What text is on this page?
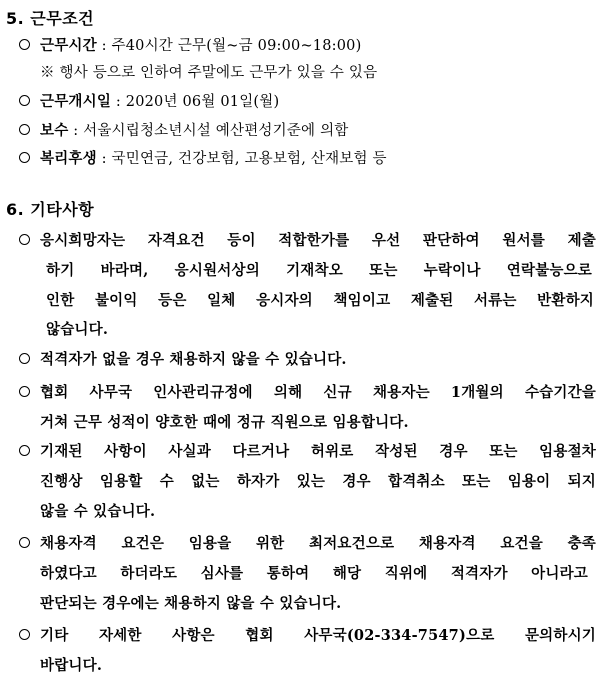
5. 근무조건
근무시간 : 주40시간 근무(월~금 09:00~18:00)
※ 행사 등으로 인하여 주말에도 근무가 있을 수 있음
근무개시일 : 2020년 06월 01일(월)
보수 : 서울시립청소년시설 예산편성기준에 의함
복리후생 : 국민연금, 건강보험, 고용보험, 산재보험 등
6. 기타사항
응시희망자는 자격요건 등이 적합한가를 우선 판단하여 원서를 제출
하기 바라며, 응시원서상의 기재착오 또는 누락이나 연락불능으로
인한 불이익 등은 일체 응시자의 책임이고 제출된 서류는 반환하지
않습니다.
적격자가 없을 경우 채용하지 않을 수 있습니다.
협회 사무국 인사관리규정에 의해 신규 채용자는 1개월의 수습기간을
거쳐 근무 성적이 양호한 때에 정규 직원으로 임용합니다.
기재된 사항이 사실과 다르거나 허위로 작성된 경우 또는 임용절차
진행상 임용할 수 없는 하자가 있는 경우 합격취소 또는 임용이 되지
않을 수 있습니다.
채용자격 요건은 임용을 위한 최저요건으로 채용자격 요건을 충족
하였다고 하더라도 심사를 통하여 해당 직위에 적격자가 아니라고
판단되는 경우에는 채용하지 않을 수 있습니다.
기타 자세한 사항은 협회 사무국(02-334-7547)으로 문의하시기
바랍니다.
